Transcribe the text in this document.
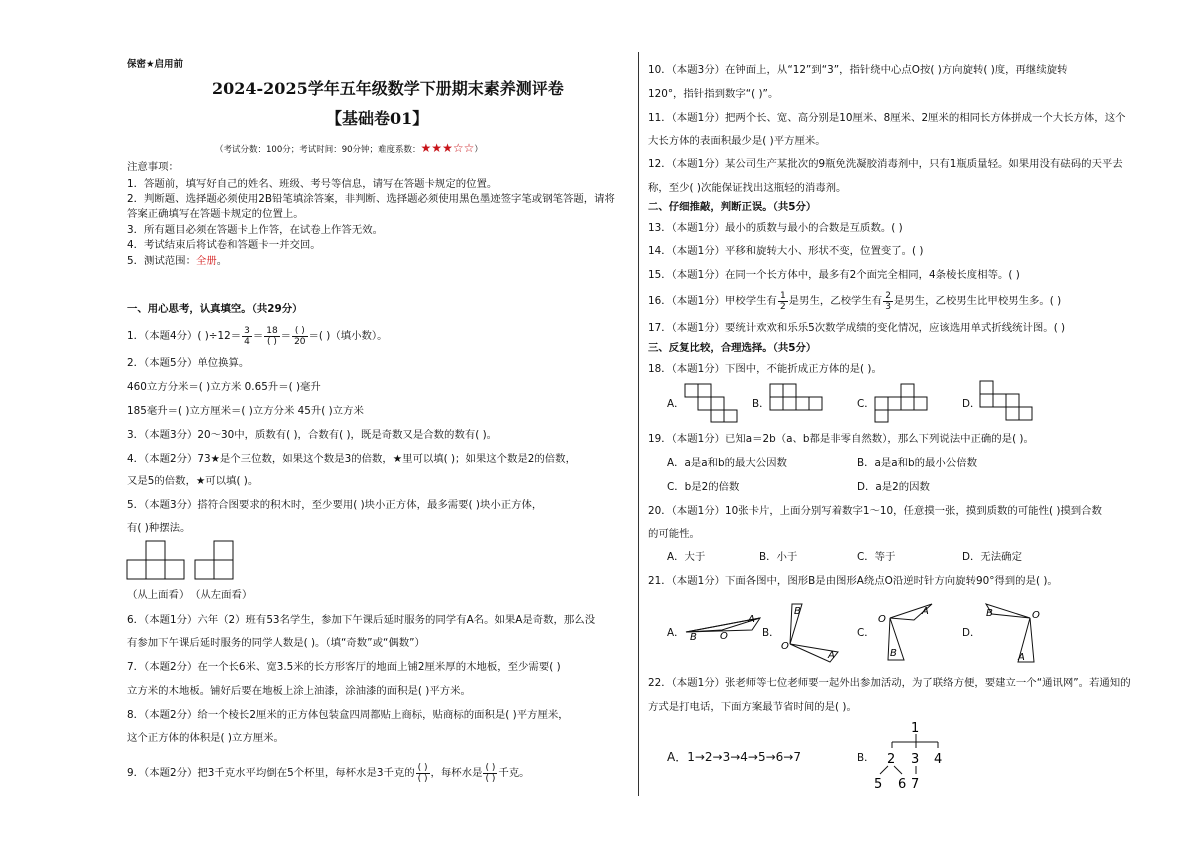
保密★启用前
2024-2025学年五年级数学下册期末素养测评卷
【基础卷01】
（考试分数：100分；考试时间：90分钟；难度系数：★★★☆☆）
注意事项：
1．答题前，填写好自己的姓名、班级、考号等信息，请写在答题卡规定的位置。
2．判断题、选择题必须使用2B铅笔填涂答案，非判断、选择题必须使用黑色墨迹签字笔或钢笔答题，请将
答案正确填写在答题卡规定的位置上。
3．所有题目必须在答题卡上作答，在试卷上作答无效。
4．考试结束后将试卷和答题卡一并交回。
5．测试范围：全册。
一、用心思考，认真填空。（共29分）
1．（本题4分）( )$\div 12= \frac{3}{4} = \frac{18}{( )} = \frac{( )}{20}$ ＝( )（填小数）。
2．（本题5分）单位换算。
460立方分米＝( )立方米 0.65升＝( )毫升
185毫升＝( )立方厘米＝( )立方分米 45升( )立方米
3．（本题3分）20～30中，质数有( )，合数有( )，既是奇数又是合数的数有( )。
4．（本题2分）73★是个三位数，如果这个数是3的倍数，★里可以填( )；如果这个数是2的倍数，
又是5的倍数，★可以填( )。
5．（本题3分）搭符合图要求的积木时，至少要用( )块小正方体，最多需要( )块小正方体，
有( )种摆法。
（从上面看） （从左面看）
6．（本题1分）六年（2）班有53名学生，参加下午课后延时服务的同学有A名。如果A是奇数，那么没
有参加下午课后延时服务的同学人数是( )。（填“奇数”或“偶数”）
7．（本题2分）在一个长6米、宽3.5米的长方形客厅的地面上铺2厘米厚的木地板，至少需要( )
立方米的木地板。铺好后要在地板上涂上油漆，涂油漆的面积是( )平方米。
8．（本题2分）给一个棱长2厘米的正方体包装盒四周都贴上商标，贴商标的面积是( )平方厘米，
这个正方体的体积是( )立方厘米。
9．（本题2分）把3千克水平均倒在5个杯里，每杯水是3千克的 $\frac{( )}{( )}$ ，每杯水是 $\frac{( )}{( )}$ 千克。
10．（本题3分）在钟面上，从“12”到“3”，指针绕中心点O按( )方向旋转( )度，再继续旋转
120°，指针指到数字“( )”。
11．（本题1分）把两个长、宽、高分别是10厘米、8厘米、2厘米的相同长方体拼成一个大长方体，这个
大长方体的表面积最少是( )平方厘米。
12．（本题1分）某公司生产某批次的9瓶免洗凝胶消毒剂中，只有1瓶质量轻。如果用没有砝码的天平去
称，至少( )次能保证找出这瓶轻的消毒剂。
二、仔细推敲，判断正误。（共5分）
13．（本题1分）最小的质数与最小的合数是互质数。( )
14．（本题1分）平移和旋转大小、形状不变，位置变了。( )
15．（本题1分）在同一个长方体中，最多有2个面完全相同，4条棱长度相等。( )
16．（本题1分）甲校学生有 $\frac{1}{2}$ 是男生，乙校学生有 $\frac{2}{3}$ 是男生，乙校男生比甲校男生多。( )
17．（本题1分）要统计欢欢和乐乐5次数学成绩的变化情况，应该选用单式折线统计图。( )
三、反复比较，合理选择。（共5分）
18．（本题1分）下图中，不能折成正方体的是( )。
A．	B．	C．	D．
19．（本题1分）已知a＝2b（a、b都是非零自然数），那么下列说法中正确的是( )。
A．a是a和b的最大公因数	B．a是a和b的最小公倍数
C．b是2的倍数	D．a是2的因数
20．（本题1分）10张卡片，上面分别写着数字1～10，任意摸一张，摸到质数的可能性( )摸到合数
的可能性。
A．大于	B．小于	C．等于	D．无法确定
21．（本题1分）下面各图中，图形B是由图形A绕点O沿逆时针方向旋转90°得到的是( )。
A． B O
A
B．
B
O
A
C．
O
A
B
D．
B	O
A
22．（本题1分）张老师等七位老师要一起外出参加活动，为了联络方便，要建立一个“通讯网”。若通知的
方式是打电话，下面方案最节省时间的是( )。
A．1→2→3→4→5→6→7	B．
1
2 3 4
5 6 7
